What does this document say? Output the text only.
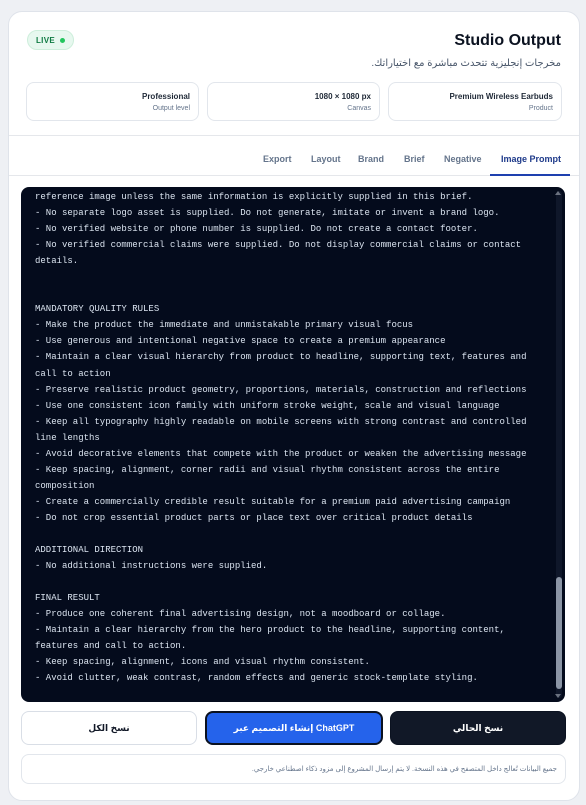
LIVE	Studio Output
مخرجات إنجليزية تتحدث مباشرة مع اختياراتك.
Professional
Output level
1080 × 1080 px
Canvas
Premium Wireless Earbuds
Product
Export Layout Brand Brief Negative Image Prompt
reference image unless the same information is explicitly supplied in this brief.
- No separate logo asset is supplied. Do not generate, imitate or invent a brand logo.
- No verified website or phone number is supplied. Do not create a contact footer.
- No verified commercial claims were supplied. Do not display commercial claims or contact details.

MANDATORY QUALITY RULES
- Make the product the immediate and unmistakable primary visual focus
- Use generous and intentional negative space to create a premium appearance
- Maintain a clear visual hierarchy from product to headline, supporting text, features and call to action
- Preserve realistic product geometry, proportions, materials, construction and reflections
- Use one consistent icon family with uniform stroke weight, scale and visual language
- Keep all typography highly readable on mobile screens with strong contrast and controlled line lengths
- Avoid decorative elements that compete with the product or weaken the advertising message
- Keep spacing, alignment, corner radii and visual rhythm consistent across the entire composition
- Create a commercially credible result suitable for a premium paid advertising campaign
- Do not crop essential product parts or place text over critical product details

ADDITIONAL DIRECTION
- No additional instructions were supplied.

FINAL RESULT
- Produce one coherent final advertising design, not a moodboard or collage.
- Maintain a clear hierarchy from the hero product to the headline, supporting content, features and call to action.
- Keep spacing, alignment, icons and visual rhythm consistent.
- Avoid clutter, weak contrast, random effects and generic stock-template styling.
نسخ الكل	إنشاء التصميم عبر ChatGPT	نسخ الحالي
جميع البيانات تُعالج داخل المتصفح في هذه النسخة. لا يتم إرسال المشروع إلى مزود ذكاء اصطناعي خارجي.
